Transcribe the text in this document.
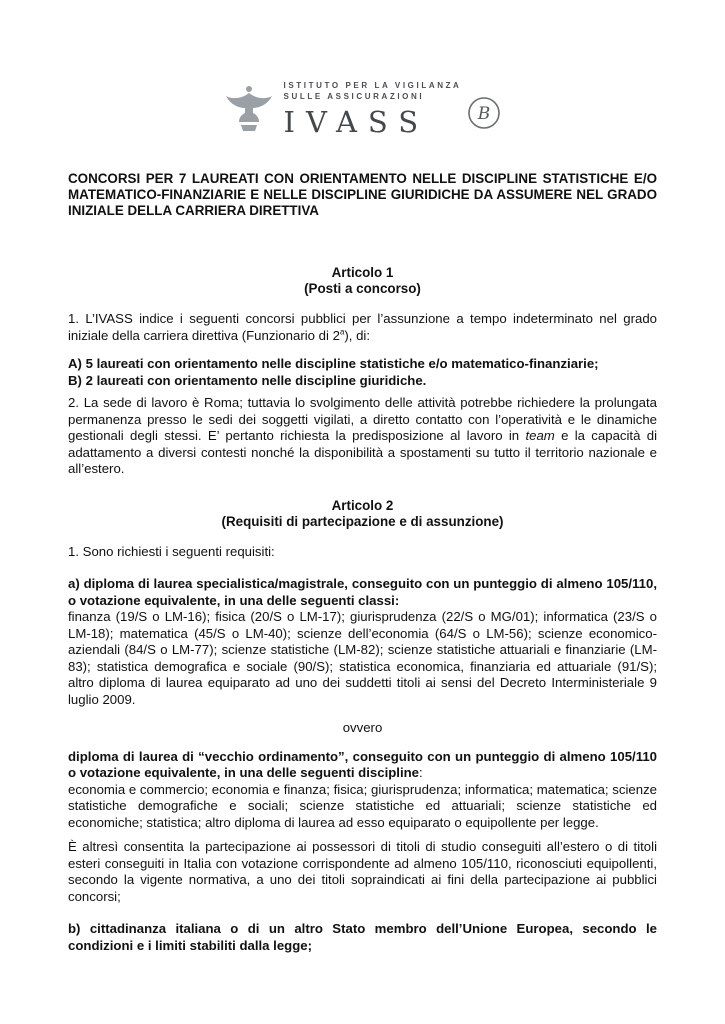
ISTITUTO PER LA VIGILANZA
SULLE ASSICURAZIONI
IVASS	B

CONCORSI PER 7 LAUREATI CON ORIENTAMENTO NELLE DISCIPLINE STATISTICHE E/O MATEMATICO-FINANZIARIE E NELLE DISCIPLINE GIURIDICHE DA ASSUMERE NEL GRADO INIZIALE DELLA CARRIERA DIRETTIVA

Articolo 1
(Posti a concorso)

1. L’IVASS indice i seguenti concorsi pubblici per l’assunzione a tempo indeterminato nel grado iniziale della carriera direttiva (Funzionario di 2$^a$), di:

A) 5 laureati con orientamento nelle discipline statistiche e/o matematico-finanziarie;

B) 2 laureati con orientamento nelle discipline giuridiche.

2. La sede di lavoro è Roma; tuttavia lo svolgimento delle attività potrebbe richiedere la prolungata permanenza presso le sedi dei soggetti vigilati, a diretto contatto con l’operatività e le dinamiche gestionali degli stessi. E’ pertanto richiesta la predisposizione al lavoro in team e la capacità di adattamento a diversi contesti nonché la disponibilità a spostamenti su tutto il territorio nazionale e all’estero.

Articolo 2
(Requisiti di partecipazione e di assunzione)

1. Sono richiesti i seguenti requisiti:

a) diploma di laurea specialistica/magistrale, conseguito con un punteggio di almeno 105/110, o votazione equivalente, in una delle seguenti classi:

finanza (19/S o LM-16); fisica (20/S o LM-17); giurisprudenza (22/S o MG/01); informatica (23/S o LM-18); matematica (45/S o LM-40); scienze dell’economia (64/S o LM-56); scienze economico-aziendali (84/S o LM-77); scienze statistiche (LM-82); scienze statistiche attuariali e finanziarie (LM-83); statistica demografica e sociale (90/S); statistica economica, finanziaria ed attuariale (91/S); altro diploma di laurea equiparato ad uno dei suddetti titoli ai sensi del Decreto Interministeriale 9 luglio 2009.

ovvero

diploma di laurea di “vecchio ordinamento”, conseguito con un punteggio di almeno 105/110 o votazione equivalente, in una delle seguenti discipline:

economia e commercio; economia e finanza; fisica; giurisprudenza; informatica; matematica; scienze statistiche demografiche e sociali; scienze statistiche ed attuariali; scienze statistiche ed economiche; statistica; altro diploma di laurea ad esso equiparato o equipollente per legge.

È altresì consentita la partecipazione ai possessori di titoli di studio conseguiti all’estero o di titoli esteri conseguiti in Italia con votazione corrispondente ad almeno 105/110, riconosciuti equipollenti, secondo la vigente normativa, a uno dei titoli sopraindicati ai fini della partecipazione ai pubblici concorsi;

b) cittadinanza italiana o di un altro Stato membro dell’Unione Europea, secondo le condizioni e i limiti stabiliti dalla legge;
